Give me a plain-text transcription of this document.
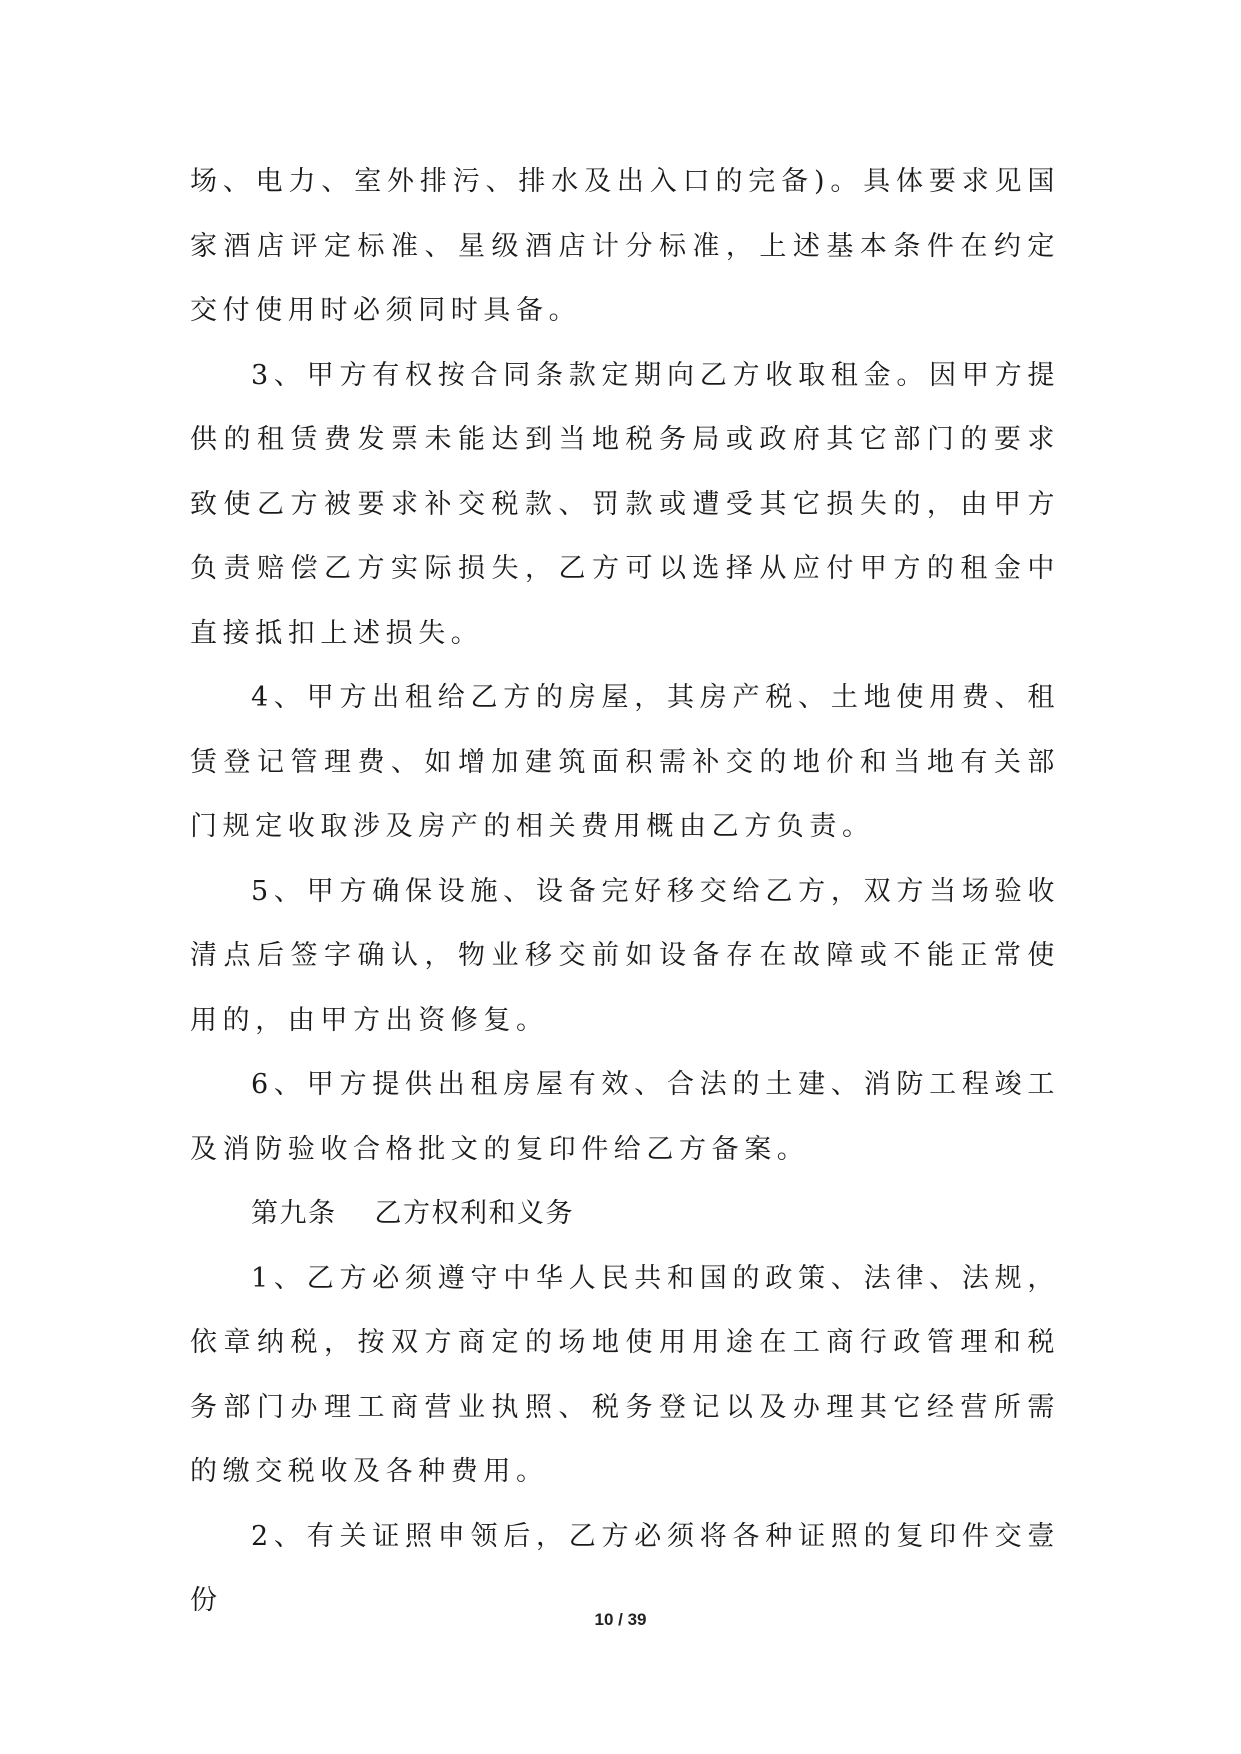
场、电力、室外排污、排水及出入口的完备)。具体要求见国家酒店评定标准、星级酒店计分标准，上述基本条件在约定交付使用时必须同时具备。

3、甲方有权按合同条款定期向乙方收取租金。因甲方提供的租赁费发票未能达到当地税务局或政府其它部门的要求致使乙方被要求补交税款、罚款或遭受其它损失的，由甲方负责赔偿乙方实际损失，乙方可以选择从应付甲方的租金中直接抵扣上述损失。

4、甲方出租给乙方的房屋，其房产税、土地使用费、租赁登记管理费、如增加建筑面积需补交的地价和当地有关部门规定收取涉及房产的相关费用概由乙方负责。

5、甲方确保设施、设备完好移交给乙方，双方当场验收清点后签字确认，物业移交前如设备存在故障或不能正常使用的，由甲方出资修复。

6、甲方提供出租房屋有效、合法的土建、消防工程竣工及消防验收合格批文的复印件给乙方备案。

第九条 乙方权利和义务

1、乙方必须遵守中华人民共和国的政策、法律、法规，依章纳税，按双方商定的场地使用用途在工商行政管理和税务部门办理工商营业执照、税务登记以及办理其它经营所需的缴交税收及各种费用。

2、有关证照申领后，乙方必须将各种证照的复印件交壹份

10 / 39
